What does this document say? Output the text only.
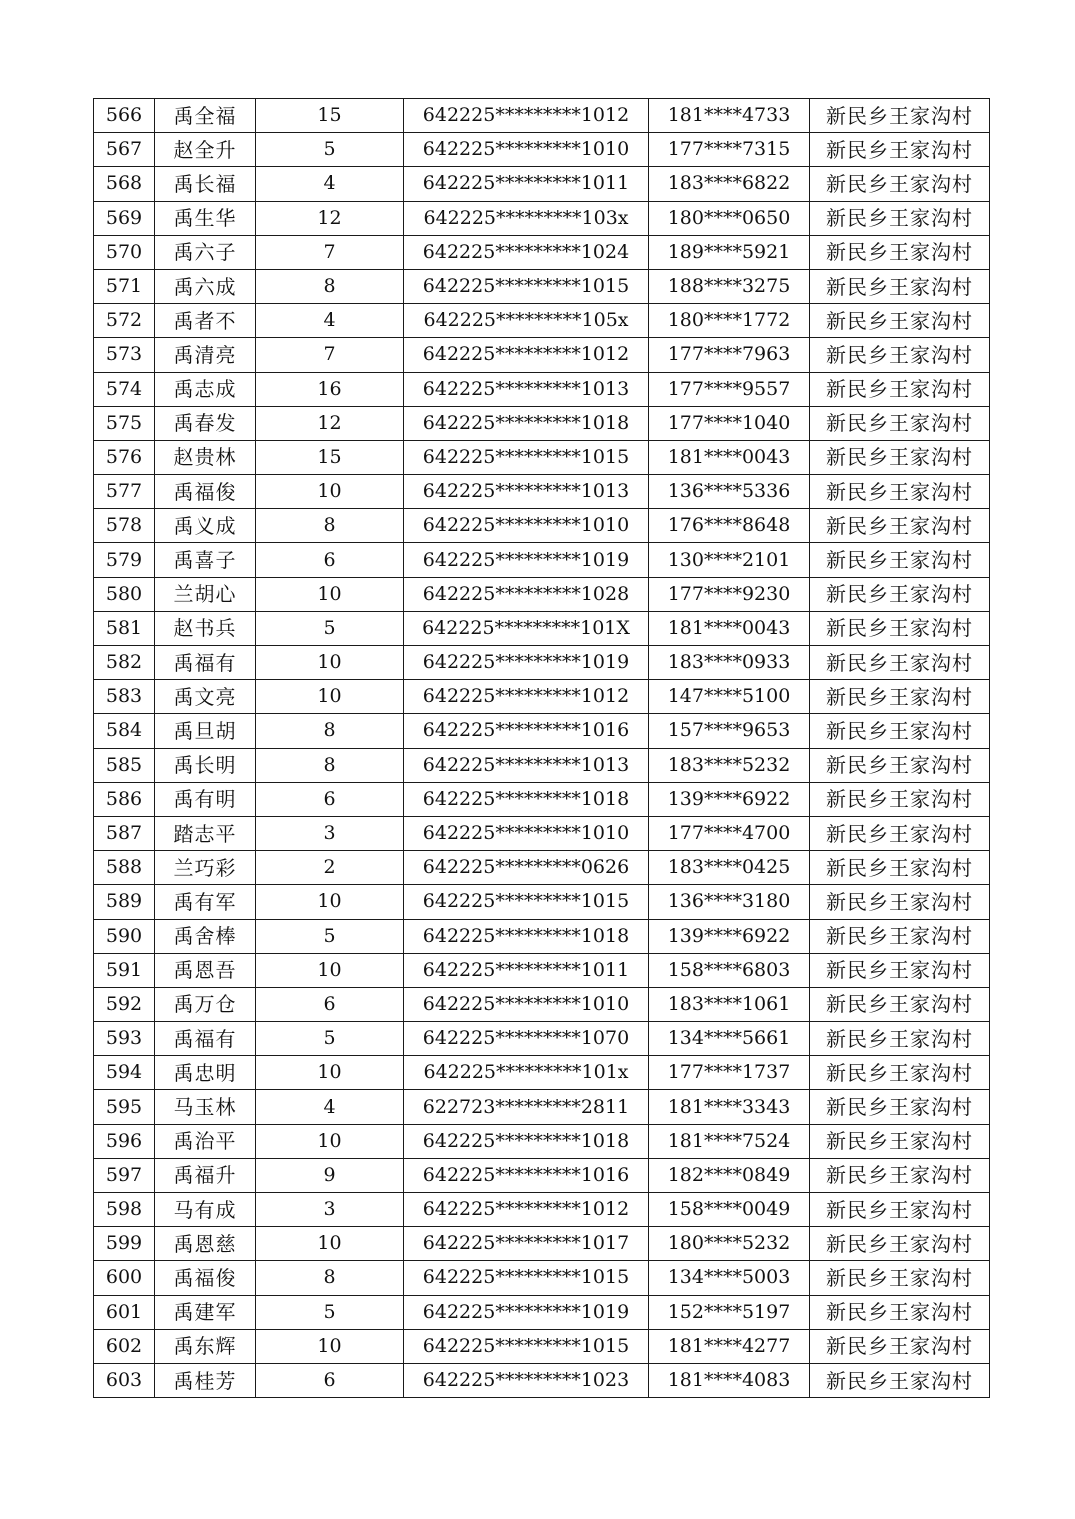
566	禹全福	15	642225*********1012	181****4733	新民乡王家沟村
567	赵全升	5	642225*********1010	177****7315	新民乡王家沟村
568	禹长福	4	642225*********1011	183****6822	新民乡王家沟村
569	禹生华	12	642225*********103x	180****0650	新民乡王家沟村
570	禹六子	7	642225*********1024	189****5921	新民乡王家沟村
571	禹六成	8	642225*********1015	188****3275	新民乡王家沟村
572	禹者不	4	642225*********105x	180****1772	新民乡王家沟村
573	禹清亮	7	642225*********1012	177****7963	新民乡王家沟村
574	禹志成	16	642225*********1013	177****9557	新民乡王家沟村
575	禹春发	12	642225*********1018	177****1040	新民乡王家沟村
576	赵贵林	15	642225*********1015	181****0043	新民乡王家沟村
577	禹福俊	10	642225*********1013	136****5336	新民乡王家沟村
578	禹义成	8	642225*********1010	176****8648	新民乡王家沟村
579	禹喜子	6	642225*********1019	130****2101	新民乡王家沟村
580	兰胡心	10	642225*********1028	177****9230	新民乡王家沟村
581	赵书兵	5	642225*********101X	181****0043	新民乡王家沟村
582	禹福有	10	642225*********1019	183****0933	新民乡王家沟村
583	禹文亮	10	642225*********1012	147****5100	新民乡王家沟村
584	禹旦胡	8	642225*********1016	157****9653	新民乡王家沟村
585	禹长明	8	642225*********1013	183****5232	新民乡王家沟村
586	禹有明	6	642225*********1018	139****6922	新民乡王家沟村
587	踏志平	3	642225*********1010	177****4700	新民乡王家沟村
588	兰巧彩	2	642225*********0626	183****0425	新民乡王家沟村
589	禹有军	10	642225*********1015	136****3180	新民乡王家沟村
590	禹舍棒	5	642225*********1018	139****6922	新民乡王家沟村
591	禹恩吾	10	642225*********1011	158****6803	新民乡王家沟村
592	禹万仓	6	642225*********1010	183****1061	新民乡王家沟村
593	禹福有	5	642225*********1070	134****5661	新民乡王家沟村
594	禹忠明	10	642225*********101x	177****1737	新民乡王家沟村
595	马玉林	4	622723*********2811	181****3343	新民乡王家沟村
596	禹治平	10	642225*********1018	181****7524	新民乡王家沟村
597	禹福升	9	642225*********1016	182****0849	新民乡王家沟村
598	马有成	3	642225*********1012	158****0049	新民乡王家沟村
599	禹恩慈	10	642225*********1017	180****5232	新民乡王家沟村
600	禹福俊	8	642225*********1015	134****5003	新民乡王家沟村
601	禹建军	5	642225*********1019	152****5197	新民乡王家沟村
602	禹东辉	10	642225*********1015	181****4277	新民乡王家沟村
603	禹桂芳	6	642225*********1023	181****4083	新民乡王家沟村
